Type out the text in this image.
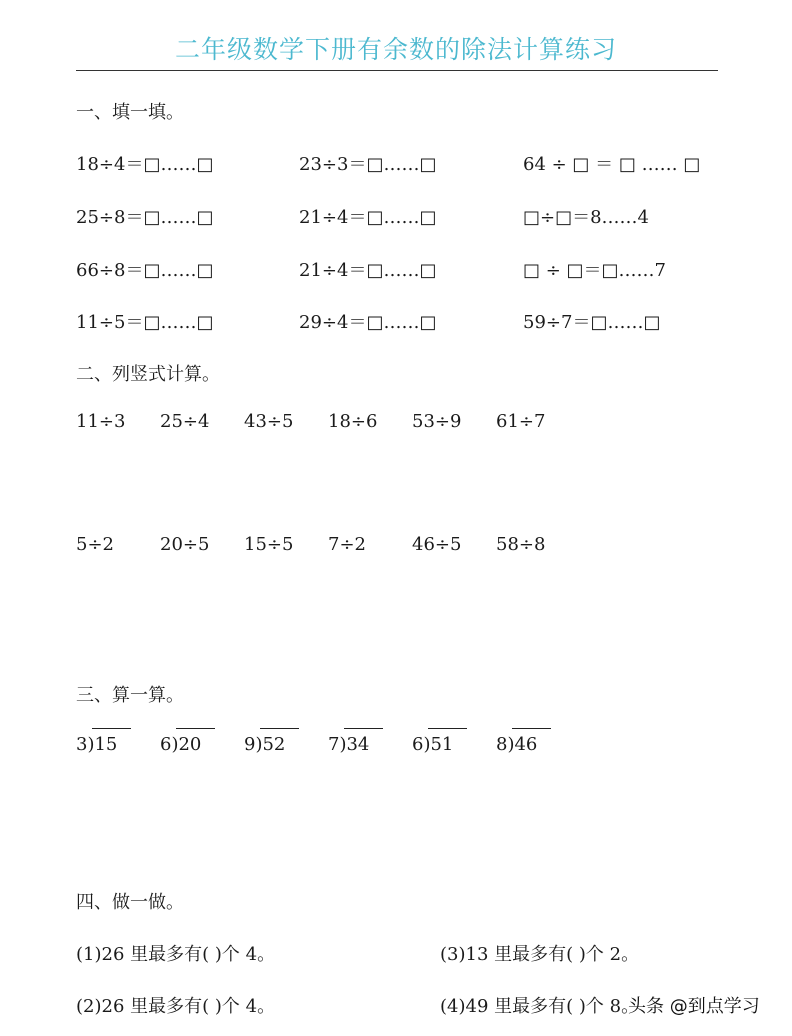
二年级数学下册有余数的除法计算练习
一、填一填。
18÷4＝□……□	23÷3＝□……□	64 ÷ □ ＝ □ …… □
25÷8＝□……□	21÷4＝□……□	□÷□＝8……4
66÷8＝□……□	21÷4＝□……□	□ ÷ □＝□……7
11÷5＝□……□	29÷4＝□……□	59÷7＝□……□
二、列竖式计算。
11÷3 25÷4 43÷5 18÷6 53÷9 61÷7
5÷2	20÷5 15÷5 7÷2	46÷5 58÷8
三、算一算。
3)15	6)20	9)52	7)34	6)51	8)46
四、做一做。
(1)26 里最多有( )个 4。	(3)13 里最多有( )个 2。
(2)26 里最多有( )个 4。	(4)49 里最多有( )个 8。
头条 @到点学习
